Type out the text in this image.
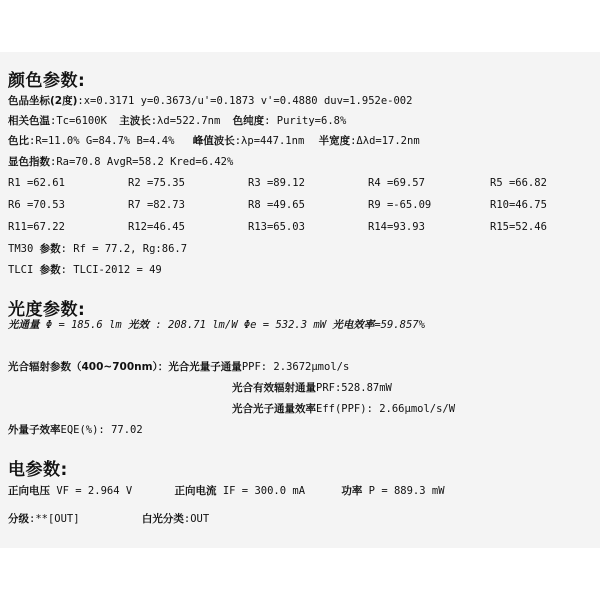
颜色参数:
色品坐标(2度):x=0.3171 y=0.3673/u'=0.1873 v'=0.4880 duv=1.952e-002
相关色温:Tc=6100K 主波长:λd=522.7nm 色纯度: Purity=6.8%
色比:R=11.0% G=84.7% B=4.4% 峰值波长:λp=447.1nm 半宽度:Δλd=17.2nm
显色指数:Ra=70.8 AvgR=58.2 Kred=6.42%
R1 =62.61	R2 =75.35	R3 =89.12	R4 =69.57	R5 =66.82
R6 =70.53	R7 =82.73	R8 =49.65	R9 =-65.09	R10=46.75
R11=67.22	R12=46.45	R13=65.03	R14=93.93	R15=52.46
TM30 参数: Rf = 77.2, Rg:86.7
TLCI 参数: TLCI-2012 = 49
光度参数:
光通量 Φ = 185.6 lm 光效 : 208.71 lm/W Φe = 532.3 mW 光电效率=59.857%
光合辐射参数（400~700nm）：光合光量子通量PPF: 2.3672μmol/s
光合有效辐射通量PRF:528.87mW
光合光子通量效率Eff(PPF): 2.66μmol/s/W
外量子效率EQE(%): 77.02
电参数:
正向电压 VF = 2.964 V	正向电流 IF = 300.0 mA	功率 P = 889.3 mW
分级:**[OUT]	白光分类:OUT
